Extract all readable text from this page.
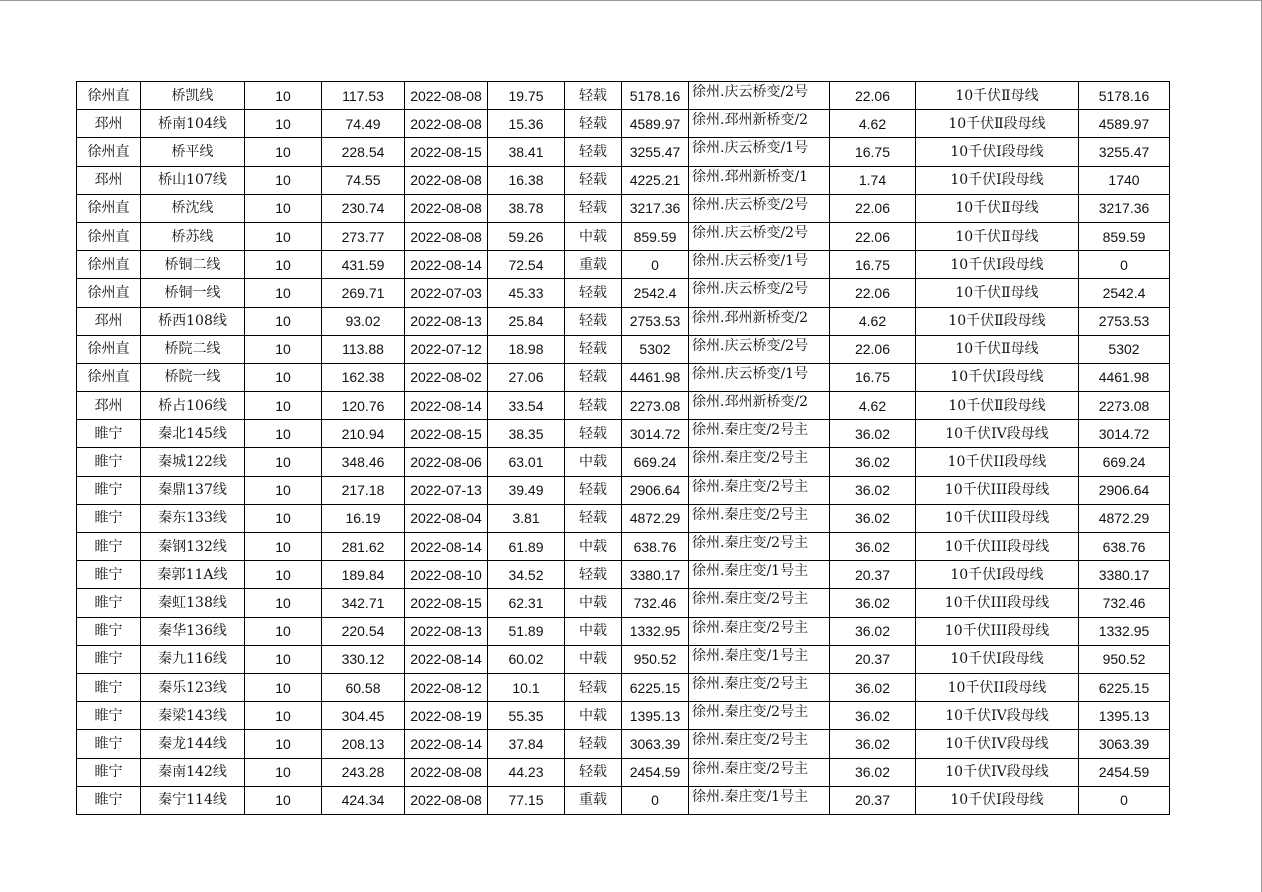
徐州直	桥凯线	10	117.53	2022-08-08	19.75	轻载	5178.16	徐州.庆云桥变/2号	22.06	10千伏Ⅱ母线	5178.16
邳州	桥南104线	10	74.49	2022-08-08	15.36	轻载	4589.97	徐州.邳州新桥变/2	4.62	10千伏Ⅱ段母线	4589.97
徐州直	桥平线	10	228.54	2022-08-15	38.41	轻载	3255.47	徐州.庆云桥变/1号	16.75	10千伏Ⅰ段母线	3255.47
邳州	桥山107线	10	74.55	2022-08-08	16.38	轻载	4225.21	徐州.邳州新桥变/1	1.74	10千伏Ⅰ段母线	1740
徐州直	桥沈线	10	230.74	2022-08-08	38.78	轻载	3217.36	徐州.庆云桥变/2号	22.06	10千伏Ⅱ母线	3217.36
徐州直	桥苏线	10	273.77	2022-08-08	59.26	中载	859.59	徐州.庆云桥变/2号	22.06	10千伏Ⅱ母线	859.59
徐州直	桥铜二线	10	431.59	2022-08-14	72.54	重载	0	徐州.庆云桥变/1号	16.75	10千伏Ⅰ段母线	0
徐州直	桥铜一线	10	269.71	2022-07-03	45.33	轻载	2542.4	徐州.庆云桥变/2号	22.06	10千伏Ⅱ母线	2542.4
邳州	桥西108线	10	93.02	2022-08-13	25.84	轻载	2753.53	徐州.邳州新桥变/2	4.62	10千伏Ⅱ段母线	2753.53
徐州直	桥院二线	10	113.88	2022-07-12	18.98	轻载	5302	徐州.庆云桥变/2号	22.06	10千伏Ⅱ母线	5302
徐州直	桥院一线	10	162.38	2022-08-02	27.06	轻载	4461.98	徐州.庆云桥变/1号	16.75	10千伏Ⅰ段母线	4461.98
邳州	桥占106线	10	120.76	2022-08-14	33.54	轻载	2273.08	徐州.邳州新桥变/2	4.62	10千伏Ⅱ段母线	2273.08
睢宁	秦北145线	10	210.94	2022-08-15	38.35	轻载	3014.72	徐州.秦庄变/2号主	36.02	10千伏IV段母线	3014.72
睢宁	秦城122线	10	348.46	2022-08-06	63.01	中载	669.24	徐州.秦庄变/2号主	36.02	10千伏II段母线	669.24
睢宁	秦鼎137线	10	217.18	2022-07-13	39.49	轻载	2906.64	徐州.秦庄变/2号主	36.02	10千伏III段母线	2906.64
睢宁	秦东133线	10	16.19	2022-08-04	3.81	轻载	4872.29	徐州.秦庄变/2号主	36.02	10千伏III段母线	4872.29
睢宁	秦钢132线	10	281.62	2022-08-14	61.89	中载	638.76	徐州.秦庄变/2号主	36.02	10千伏III段母线	638.76
睢宁	秦郭11A线	10	189.84	2022-08-10	34.52	轻载	3380.17	徐州.秦庄变/1号主	20.37	10千伏Ⅰ段母线	3380.17
睢宁	秦虹138线	10	342.71	2022-08-15	62.31	中载	732.46	徐州.秦庄变/2号主	36.02	10千伏III段母线	732.46
睢宁	秦华136线	10	220.54	2022-08-13	51.89	中载	1332.95	徐州.秦庄变/2号主	36.02	10千伏III段母线	1332.95
睢宁	秦九116线	10	330.12	2022-08-14	60.02	中载	950.52	徐州.秦庄变/1号主	20.37	10千伏Ⅰ段母线	950.52
睢宁	秦乐123线	10	60.58	2022-08-12	10.1	轻载	6225.15	徐州.秦庄变/2号主	36.02	10千伏II段母线	6225.15
睢宁	秦梁143线	10	304.45	2022-08-19	55.35	中载	1395.13	徐州.秦庄变/2号主	36.02	10千伏IV段母线	1395.13
睢宁	秦龙144线	10	208.13	2022-08-14	37.84	轻载	3063.39	徐州.秦庄变/2号主	36.02	10千伏IV段母线	3063.39
睢宁	秦南142线	10	243.28	2022-08-08	44.23	轻载	2454.59	徐州.秦庄变/2号主	36.02	10千伏IV段母线	2454.59
睢宁	秦宁114线	10	424.34	2022-08-08	77.15	重载	0	徐州.秦庄变/1号主	20.37	10千伏Ⅰ段母线	0
